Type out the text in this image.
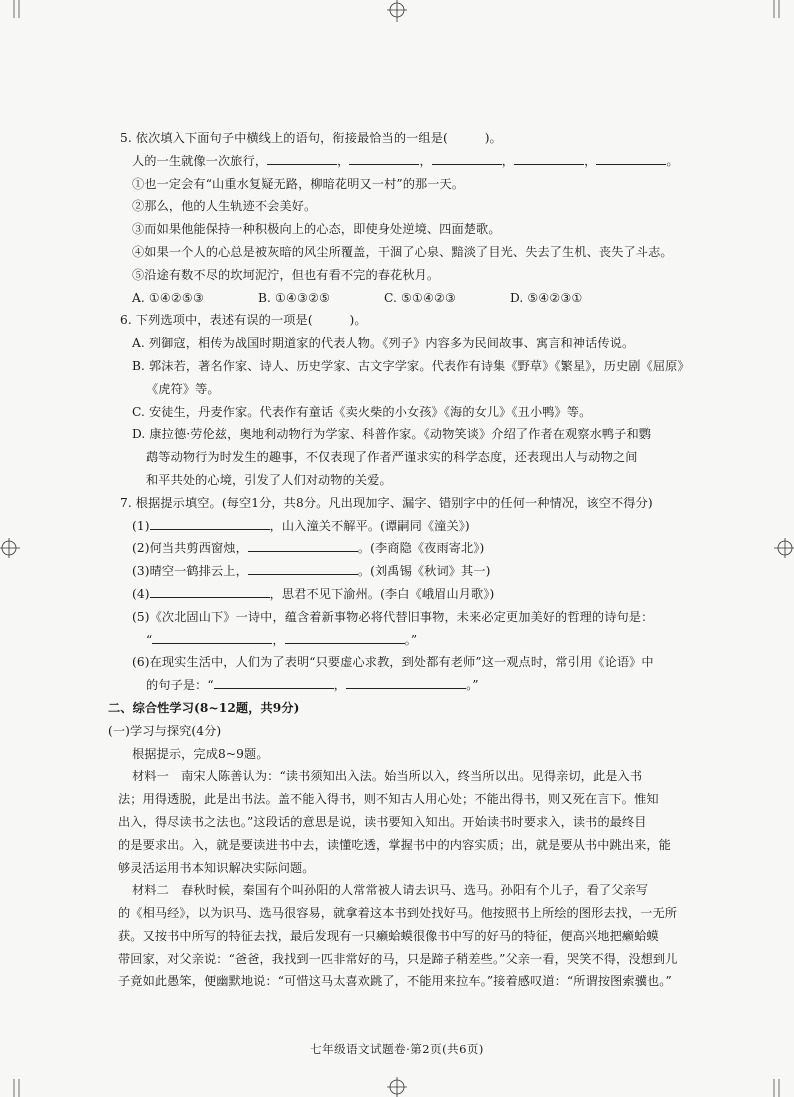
5. 依次填入下面句子中横线上的语句，衔接最恰当的一组是(　　　)。

人的一生就像一次旅行，	，	，	，	，	。

①也一定会有“山重水复疑无路，柳暗花明又一村”的那一天。

②那么，他的人生轨迹不会美好。

③而如果他能保持一种积极向上的心态，即使身处逆境、四面楚歌。

④如果一个人的心总是被灰暗的风尘所覆盖，干涸了心泉、黯淡了目光、失去了生机、丧失了斗志。

⑤沿途有数不尽的坎坷泥泞，但也有看不完的春花秋月。

A. ①④②⑤③	B. ①④③②⑤	C. ⑤①④②③	D. ⑤④②③①

6. 下列选项中，表述有误的一项是(　　　)。

A. 列御寇，相传为战国时期道家的代表人物。《列子》内容多为民间故事、寓言和神话传说。

B. 郭沫若，著名作家、诗人、历史学家、古文字学家。代表作有诗集《野草》《繁星》，历史剧《屈原》

《虎符》等。

C. 安徒生，丹麦作家。代表作有童话《卖火柴的小女孩》《海的女儿》《丑小鸭》等。

D. 康拉德·劳伦兹，奥地利动物行为学家、科普作家。《动物笑谈》介绍了作者在观察水鸭子和鹦

鹉等动物行为时发生的趣事，不仅表现了作者严谨求实的科学态度，还表现出人与动物之间

和平共处的心境，引发了人们对动物的关爱。

7. 根据提示填空。(每空1分，共8分。凡出现加字、漏字、错别字中的任何一种情况，该空不得分)

(1)	，山入潼关不解平。(谭嗣同《潼关》)

(2)何当共剪西窗烛，	。(李商隐《夜雨寄北》)

(3)晴空一鹤排云上，	。(刘禹锡《秋词》其一)

(4)	，思君不见下渝州。(李白《峨眉山月歌》)

(5)《次北固山下》一诗中，蕴含着新事物必将代替旧事物，未来必定更加美好的哲理的诗句是：

“	，	。”

(6)在现实生活中，人们为了表明“只要虚心求教，到处都有老师”这一观点时，常引用《论语》中

的句子是：“	，	。”

二、综合性学习(8~12题，共9分)

(一)学习与探究(4分)

根据提示，完成8~9题。

材料一　南宋人陈善认为：“读书须知出入法。始当所以入，终当所以出。见得亲切，此是入书

法；用得透脱，此是出书法。盖不能入得书，则不知古人用心处；不能出得书，则又死在言下。惟知

出入，得尽读书之法也。”这段话的意思是说，读书要知入知出。开始读书时要求入，读书的最终目

的是要求出。入，就是要读进书中去，读懂吃透，掌握书中的内容实质；出，就是要从书中跳出来，能

够灵活运用书本知识解决实际问题。

材料二　春秋时候，秦国有个叫孙阳的人常常被人请去识马、选马。孙阳有个儿子，看了父亲写

的《相马经》，以为识马、选马很容易，就拿着这本书到处找好马。他按照书上所绘的图形去找，一无所

获。又按书中所写的特征去找，最后发现有一只癞蛤蟆很像书中写的好马的特征，便高兴地把癞蛤蟆

带回家，对父亲说：“爸爸，我找到一匹非常好的马，只是蹄子稍差些。”父亲一看，哭笑不得，没想到儿

子竟如此愚笨，便幽默地说：“可惜这马太喜欢跳了，不能用来拉车。”接着感叹道：“所谓按图索骥也。”

七年级语文试题卷·第2页(共6页)
